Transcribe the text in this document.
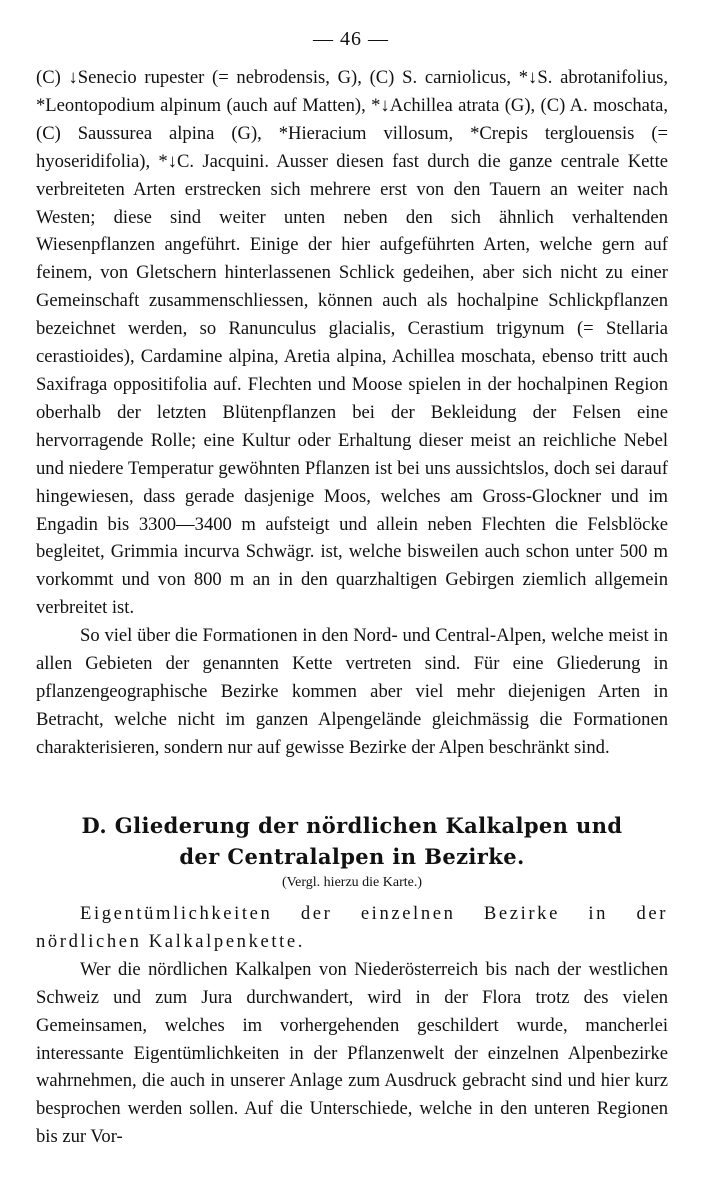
— 46 —

(C) ↓Senecio rupester (= nebrodensis, G), (C) S. carniolicus, *↓S. abrotanifolius, *Leontopodium alpinum (auch auf Matten), *↓Achillea atrata (G), (C) A. moschata, (C) Saussurea alpina (G), *Hieracium villosum, *Crepis terglouensis (= hyoseridifolia), *↓C. Jacquini. Ausser diesen fast durch die ganze centrale Kette verbreiteten Arten erstrecken sich mehrere erst von den Tauern an weiter nach Westen; diese sind weiter unten neben den sich ähnlich verhaltenden Wiesenpflanzen angeführt. Einige der hier aufgeführten Arten, welche gern auf feinem, von Gletschern hinterlassenen Schlick gedeihen, aber sich nicht zu einer Gemeinschaft zusammenschliessen, können auch als hochalpine Schlickpflanzen bezeichnet werden, so Ranunculus glacialis, Cerastium trigynum (= Stellaria cerastioides), Cardamine alpina, Aretia alpina, Achillea moschata, ebenso tritt auch Saxifraga oppositifolia auf. Flechten und Moose spielen in der hochalpinen Region oberhalb der letzten Blütenpflanzen bei der Bekleidung der Felsen eine hervorragende Rolle; eine Kultur oder Erhaltung dieser meist an reichliche Nebel und niedere Temperatur gewöhnten Pflanzen ist bei uns aussichtslos, doch sei darauf hingewiesen, dass gerade dasjenige Moos, welches am Gross-Glockner und im Engadin bis 3300—3400 m aufsteigt und allein neben Flechten die Felsblöcke begleitet, Grimmia incurva Schwägr. ist, welche bisweilen auch schon unter 500 m vorkommt und von 800 m an in den quarzhaltigen Gebirgen ziemlich allgemein verbreitet ist.

So viel über die Formationen in den Nord- und Central-Alpen, welche meist in allen Gebieten der genannten Kette vertreten sind. Für eine Gliederung in pflanzengeographische Bezirke kommen aber viel mehr diejenigen Arten in Betracht, welche nicht im ganzen Alpengelände gleichmässig die Formationen charakterisieren, sondern nur auf gewisse Bezirke der Alpen beschränkt sind.

D. Gliederung der nördlichen Kalkalpen und
der Centralalpen in Bezirke.
(Vergl. hierzu die Karte.)

Eigentümlichkeiten der einzelnen Bezirke in der nördlichen Kalkalpenkette.

Wer die nördlichen Kalkalpen von Niederösterreich bis nach der westlichen Schweiz und zum Jura durchwandert, wird in der Flora trotz des vielen Gemeinsamen, welches im vorhergehenden geschildert wurde, mancherlei interessante Eigentümlichkeiten in der Pflanzenwelt der einzelnen Alpenbezirke wahrnehmen, die auch in unserer Anlage zum Ausdruck gebracht sind und hier kurz besprochen werden sollen. Auf die Unterschiede, welche in den unteren Regionen bis zur Vor-
